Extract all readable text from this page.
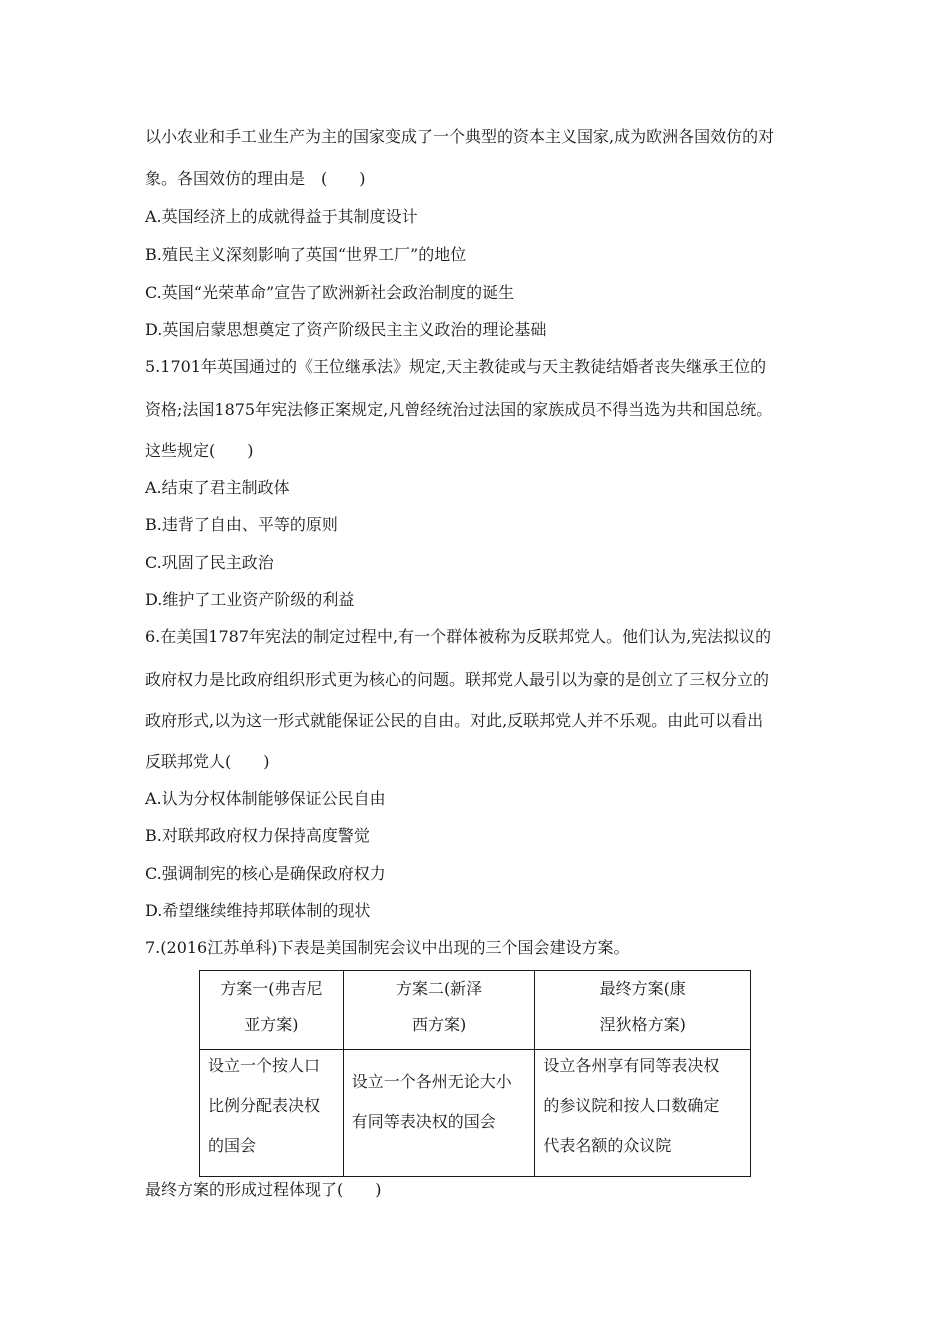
以小农业和手工业生产为主的国家变成了一个典型的资本主义国家,成为欧洲各国效仿的对
象。各国效仿的理由是　(　　)
A.英国经济上的成就得益于其制度设计
B.殖民主义深刻影响了英国“世界工厂”的地位
C.英国“光荣革命”宣告了欧洲新社会政治制度的诞生
D.英国启蒙思想奠定了资产阶级民主主义政治的理论基础
5.1701年英国通过的《王位继承法》规定,天主教徒或与天主教徒结婚者丧失继承王位的
资格;法国1875年宪法修正案规定,凡曾经统治过法国的家族成员不得当选为共和国总统。
这些规定(　　)
A.结束了君主制政体
B.违背了自由、平等的原则
C.巩固了民主政治
D.维护了工业资产阶级的利益
6.在美国1787年宪法的制定过程中,有一个群体被称为反联邦党人。他们认为,宪法拟议的
政府权力是比政府组织形式更为核心的问题。联邦党人最引以为豪的是创立了三权分立的
政府形式,以为这一形式就能保证公民的自由。对此,反联邦党人并不乐观。由此可以看出
反联邦党人(　　)
A.认为分权体制能够保证公民自由
B.对联邦政府权力保持高度警觉
C.强调制宪的核心是确保政府权力
D.希望继续维持邦联体制的现状
7.(2016江苏单科)下表是美国制宪会议中出现的三个国会建设方案。
方案一(弗吉尼
亚方案)	方案二(新泽
西方案)	最终方案(康
涅狄格方案)

设立一个按人口
比例分配表决权
的国会	设立一个各州无论大小
有同等表决权的国会	设立各州享有同等表决权
的参议院和按人口数确定
代表名额的众议院
最终方案的形成过程体现了(　　)
